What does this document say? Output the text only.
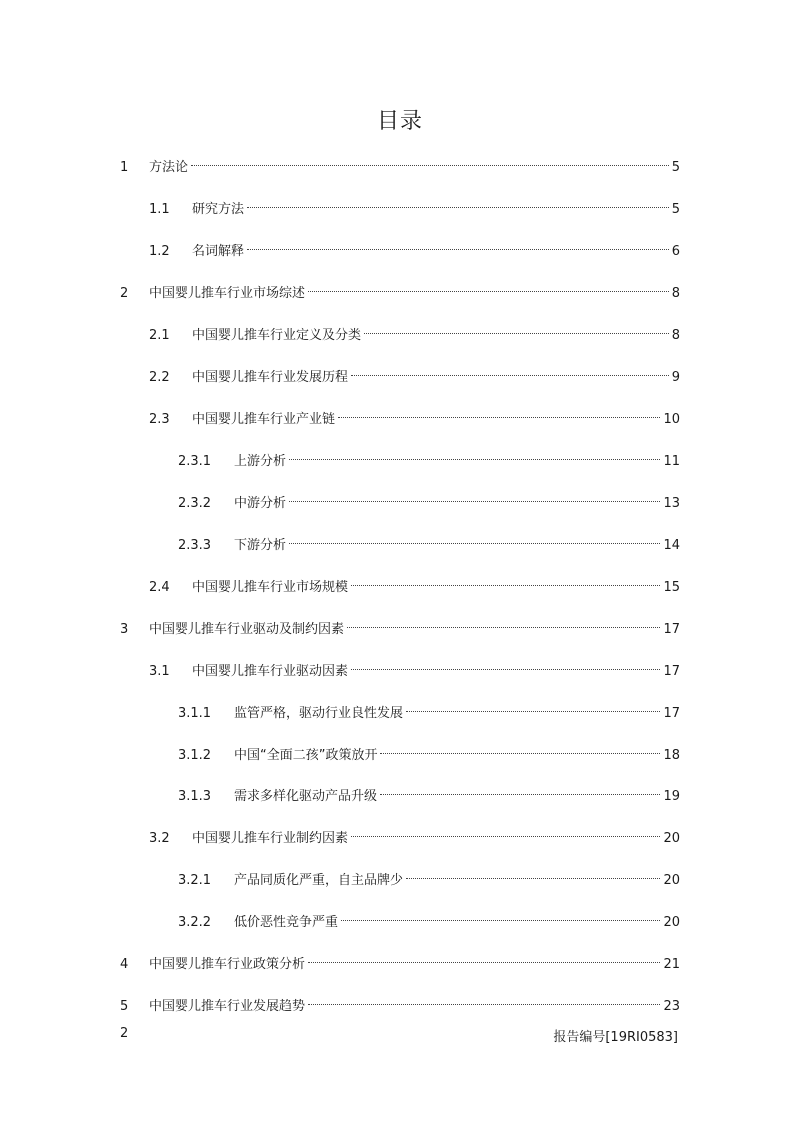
目录
1	方法论	5
1.1	研究方法	5
1.2	名词解释	6
2	中国婴儿推车行业市场综述	8
2.1	中国婴儿推车行业定义及分类	8
2.2	中国婴儿推车行业发展历程	9
2.3	中国婴儿推车行业产业链	10
2.3.1	上游分析	11
2.3.2	中游分析	13
2.3.3	下游分析	14
2.4	中国婴儿推车行业市场规模	15
3	中国婴儿推车行业驱动及制约因素	17
3.1	中国婴儿推车行业驱动因素	17
3.1.1	监管严格，驱动行业良性发展	17
3.1.2	中国“全面二孩”政策放开	18
3.1.3	需求多样化驱动产品升级	19
3.2	中国婴儿推车行业制约因素	20
3.2.1	产品同质化严重，自主品牌少	20
3.2.2	低价恶性竞争严重	20
4	中国婴儿推车行业政策分析	21
5	中国婴儿推车行业发展趋势	23
2	报告编号[19RI0583]
